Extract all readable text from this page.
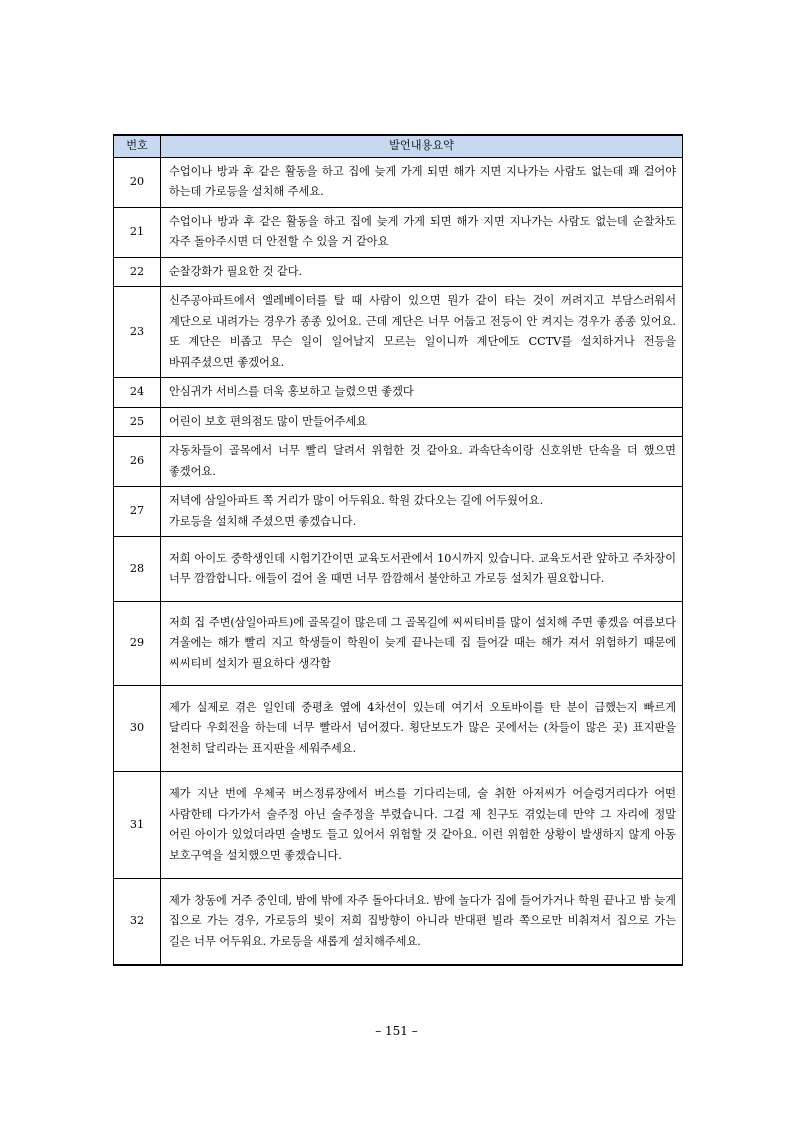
번호	발언내용요약
20	수업이나 방과 후 같은 활동을 하고 집에 늦게 가게 되면 해가 지면 지나가는 사람도 없는데 꽤 걸어야 하는데 가로등을 설치해 주세요.
21	수업이나 방과 후 같은 활동을 하고 집에 늦게 가게 되면 해가 지면 지나가는 사람도 없는데 순찰차도 자주 돌아주시면 더 안전할 수 있을 거 같아요
22	순찰강화가 필요한 것 같다.
23	신주공아파트에서 엘레베이터를 탈 때 사람이 있으면 뭔가 같이 타는 것이 꺼려지고 부담스러워서 계단으로 내려가는 경우가 종종 있어요. 근데 계단은 너무 어둡고 전등이 안 켜지는 경우가 종종 있어요. 또 계단은 비좁고 무슨 일이 일어날지 모르는 일이니까 계단에도 CCTV를 설치하거나 전등을 바꿔주셨으면 좋겠어요.
24	안심귀가 서비스를 더욱 홍보하고 늘렸으면 좋겠다
25	어린이 보호 편의점도 많이 만들어주세요
26	자동차들이 골목에서 너무 빨리 달려서 위험한 것 같아요. 과속단속이랑 신호위반 단속을 더 했으면 좋겠어요.
27	저녁에 삼일아파트 쪽 거리가 많이 어두워요. 학원 갔다오는 길에 어두웠어요.
가로등을 설치해 주셨으면 좋겠습니다.
28	저희 아이도 중학생인데 시험기간이면 교육도서관에서 10시까지 있습니다. 교육도서관 앞하고 주차장이 너무 깜깜합니다. 애들이 걸어 올 때면 너무 깜깜해서 불안하고 가로등 설치가 필요합니다.
29	저희 집 주변(삼일아파트)에 골목길이 많은데 그 골목길에 씨씨티비를 많이 설치해 주면 좋겠음 여름보다 겨울에는 해가 빨리 지고 학생들이 학원이 늦게 끝나는데 집 들어갈 때는 해가 져서 위험하기 때문에 씨씨티비 설치가 필요하다 생각함
30	제가 실제로 겪은 일인데 중평초 옆에 4차선이 있는데 여기서 오토바이를 탄 분이 급했는지 빠르게 달리다 우회전을 하는데 너무 빨라서 넘어졌다. 횡단보도가 많은 곳에서는 (차들이 많은 곳) 표지판을 천천히 달리라는 표지판을 세워주세요.
31	제가 지난 번에 우체국 버스정류장에서 버스를 기다리는데, 술 취한 아저씨가 어슬렁거리다가 어떤 사람한테 다가가서 술주정 아닌 술주정을 부렸습니다. 그걸 제 친구도 겪었는데 만약 그 자리에 정말 어린 아이가 있었더라면 술병도 들고 있어서 위험할 것 같아요. 이런 위험한 상황이 발생하지 않게 아동 보호구역을 설치했으면 좋겠습니다.
32	제가 창동에 거주 중인데, 밤에 밖에 자주 돌아다녀요. 밤에 놀다가 집에 들어가거나 학원 끝나고 밤 늦게 집으로 가는 경우, 가로등의 빛이 저희 집방향이 아니라 반대편 빌라 쪽으로만 비춰져서 집으로 가는 길은 너무 어두워요. 가로등을 새롭게 설치해주세요.
– 151 –
